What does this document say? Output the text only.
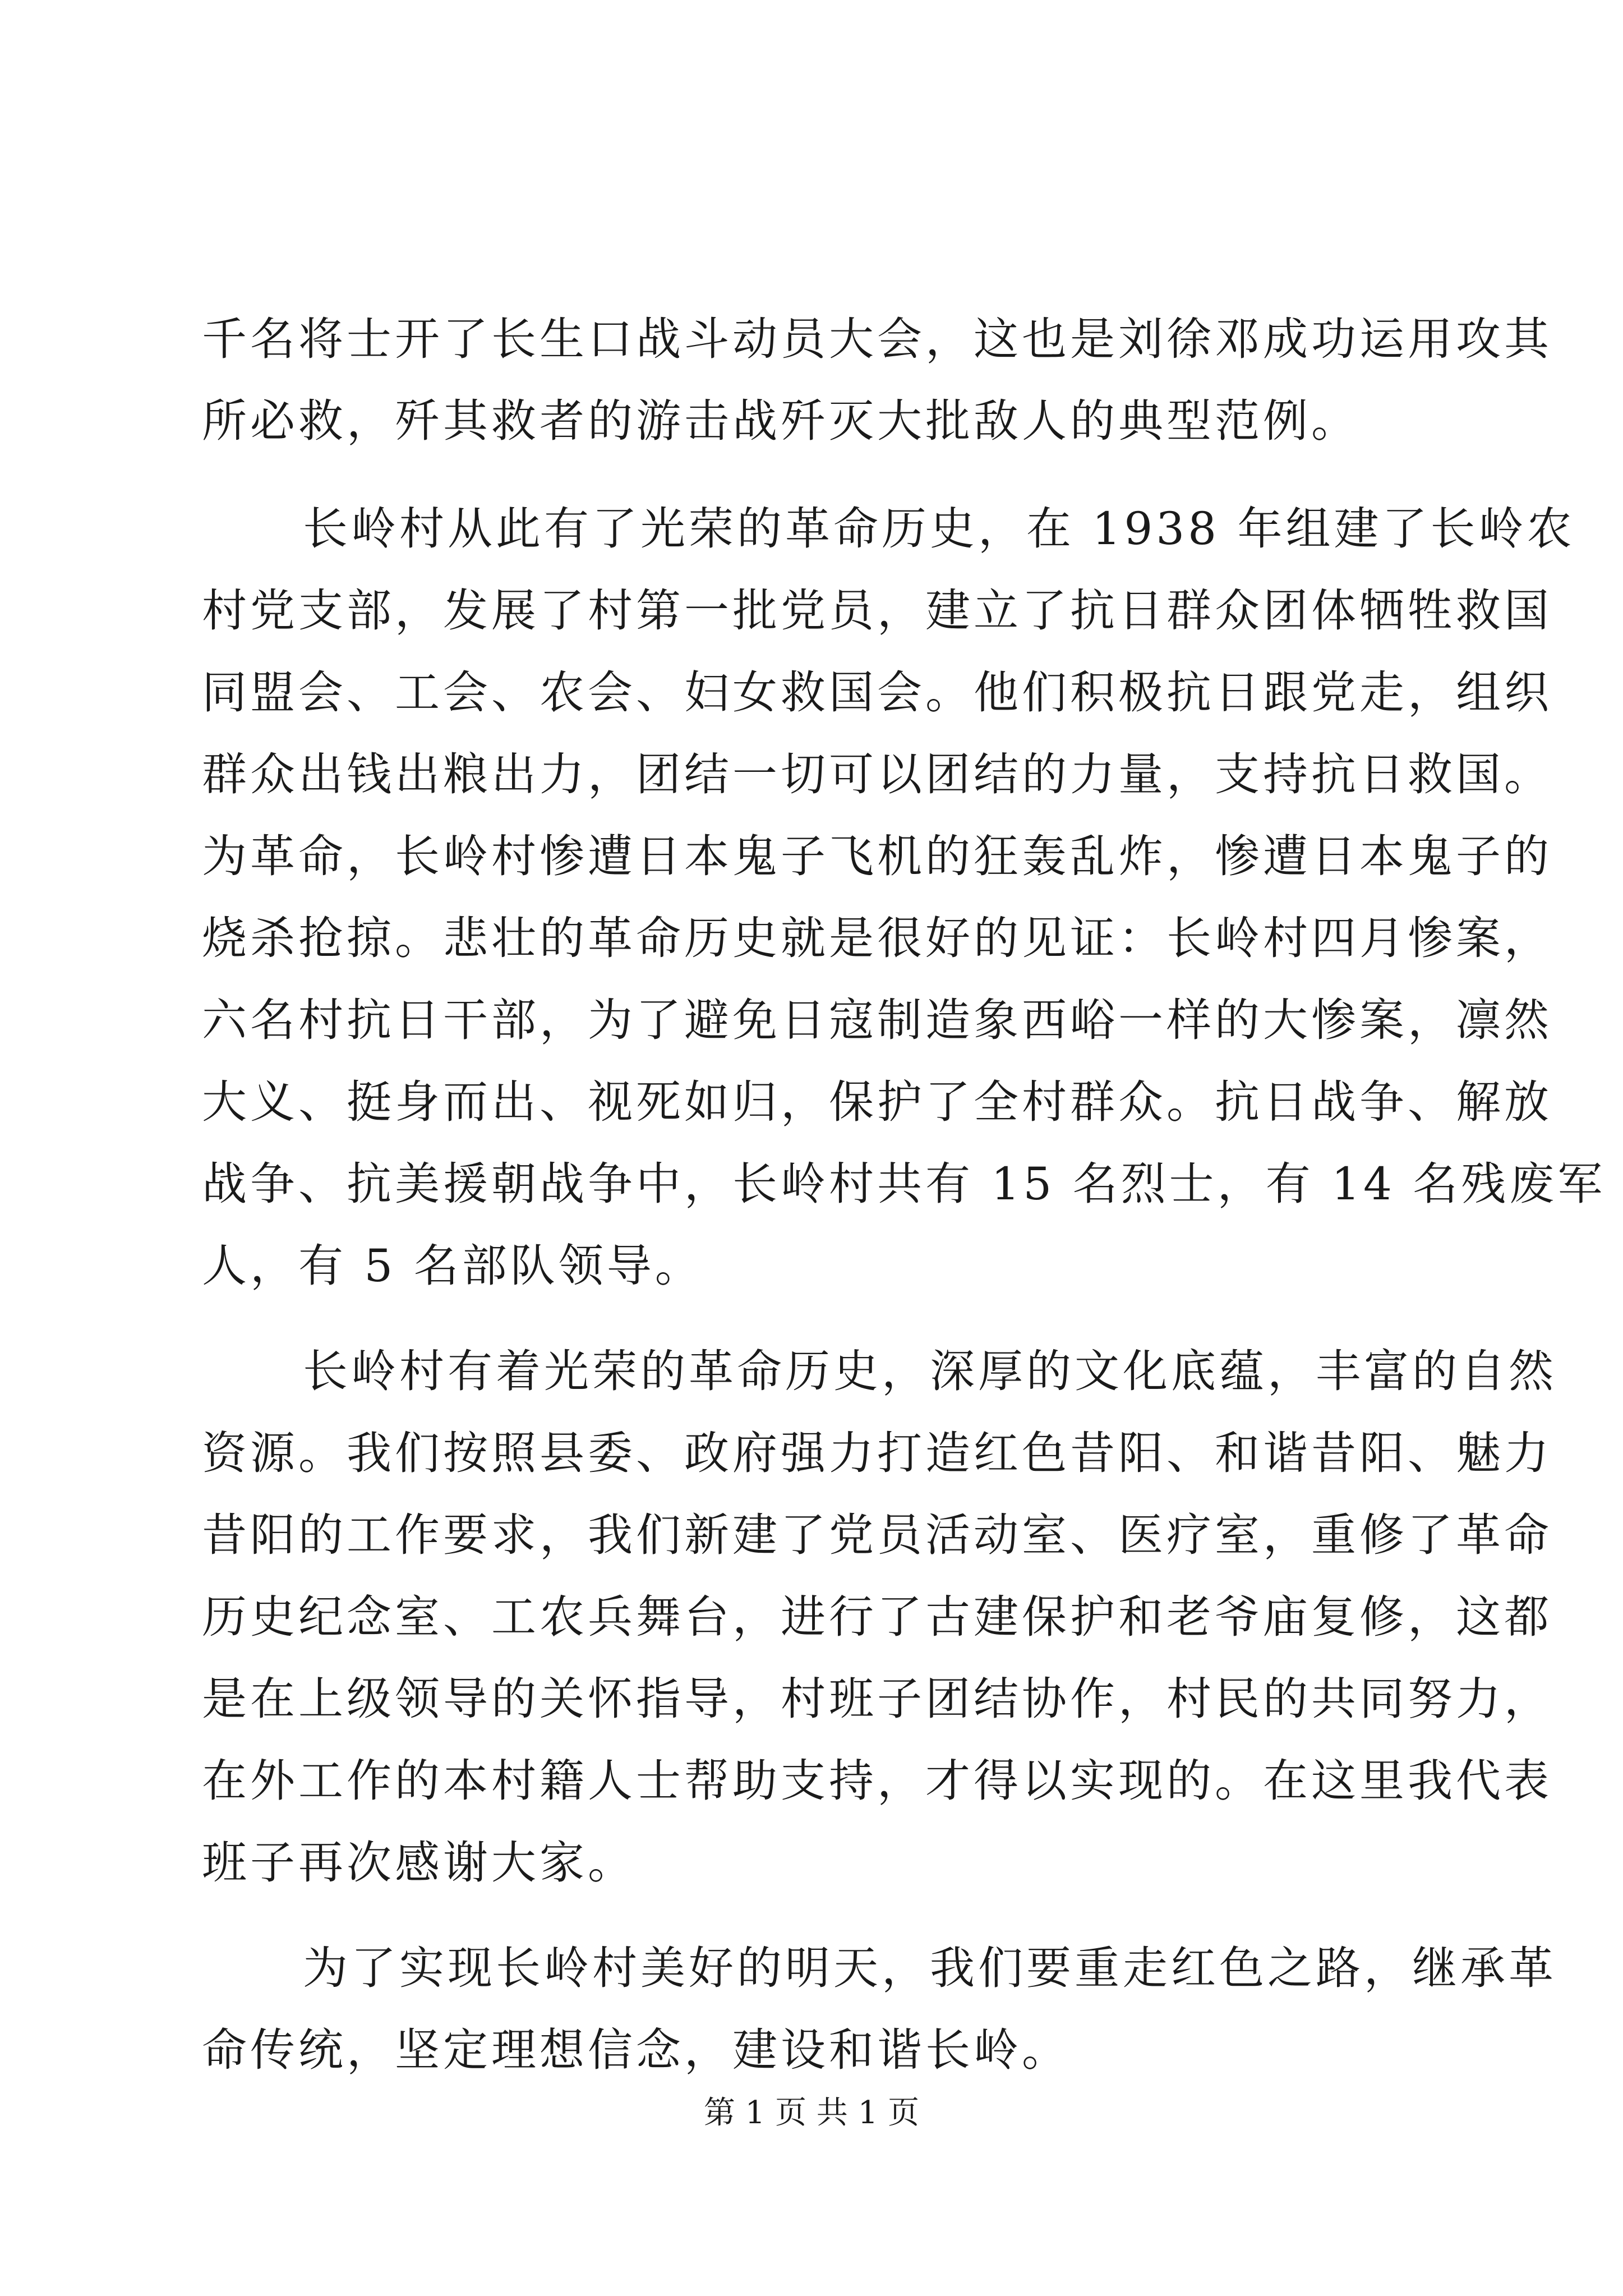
千名将士开了长生口战斗动员大会，这也是刘徐邓成功运用攻其
所必救，歼其救者的游击战歼灭大批敌人的典型范例。
长岭村从此有了光荣的革命历史，在 1938 年组建了长岭农
村党支部，发展了村第一批党员，建立了抗日群众团体牺牲救国
同盟会、工会、农会、妇女救国会。他们积极抗日跟党走，组织
群众出钱出粮出力，团结一切可以团结的力量，支持抗日救国。
为革命，长岭村惨遭日本鬼子飞机的狂轰乱炸，惨遭日本鬼子的
烧杀抢掠。悲壮的革命历史就是很好的见证：长岭村四月惨案，
六名村抗日干部，为了避免日寇制造象西峪一样的大惨案，凛然
大义、挺身而出、视死如归，保护了全村群众。抗日战争、解放
战争、抗美援朝战争中，长岭村共有 15 名烈士，有 14 名残废军
人，有 5 名部队领导。
长岭村有着光荣的革命历史，深厚的文化底蕴，丰富的自然
资源。我们按照县委、政府强力打造红色昔阳、和谐昔阳、魅力
昔阳的工作要求，我们新建了党员活动室、医疗室，重修了革命
历史纪念室、工农兵舞台，进行了古建保护和老爷庙复修，这都
是在上级领导的关怀指导，村班子团结协作，村民的共同努力，
在外工作的本村籍人士帮助支持，才得以实现的。在这里我代表
班子再次感谢大家。
为了实现长岭村美好的明天，我们要重走红色之路，继承革
命传统，坚定理想信念，建设和谐长岭。
第 1 页 共 1 页
